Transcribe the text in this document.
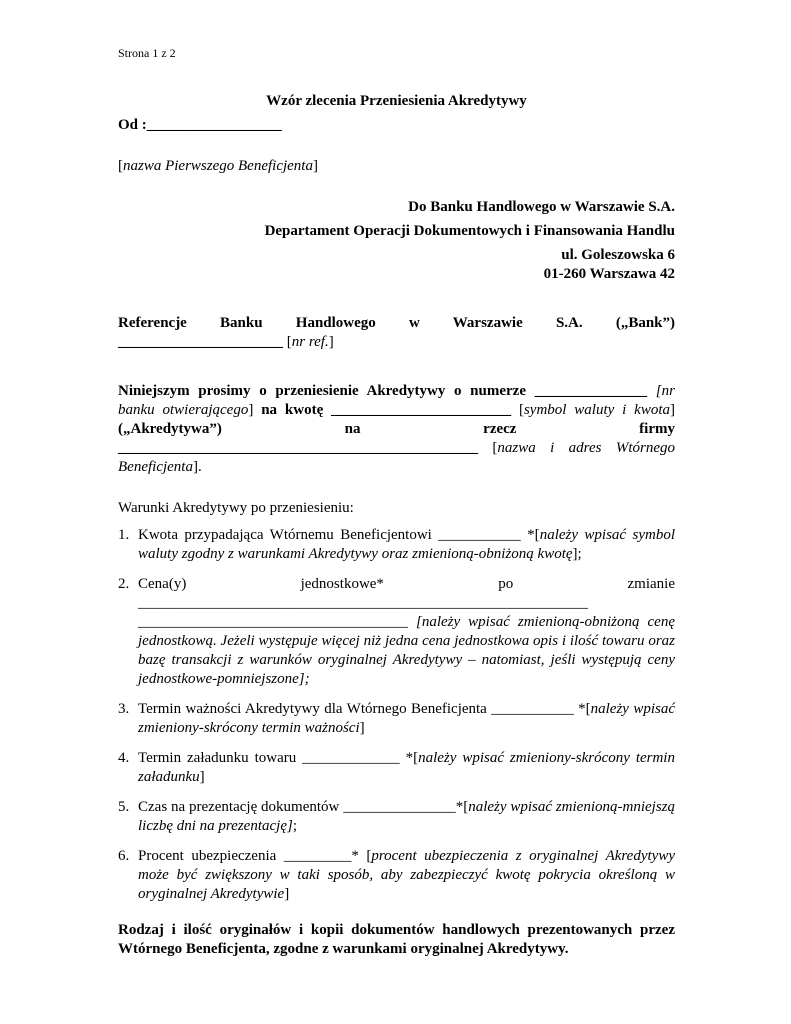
Strona 1 z 2
Wzór zlecenia Przeniesienia Akredytywy
Od :__________________
[nazwa Pierwszego Beneficjenta]
Do Banku Handlowego w Warszawie S.A.
Departament Operacji Dokumentowych i Finansowania Handlu
ul. Goleszowska 6
01-260 Warszawa 42
Referencje Banku Handlowego w Warszawie S.A. („Bank”)
______________________ [nr ref.]
Niniejszym prosimy o przeniesienie Akredytywy o numerze _______________ [nr
banku otwierającego] na kwotę ________________________ [symbol waluty i kwota]
(„Akredytywa”) na rzecz firmy
________________________________________________ [nazwa i adres Wtórnego
Beneficjenta].
Warunki Akredytywy po przeniesieniu:
1. Kwota przypadająca Wtórnemu Beneficjentowi ___________ *[należy wpisać symbol waluty zgodny z warunkami Akredytywy oraz zmienioną-obniżoną kwotę];
2. Cena(y) jednostkowe* po zmianie
____________________________________________________________
____________________________________ [należy wpisać zmienioną-obniżoną cenę jednostkową. Jeżeli występuje więcej niż jedna cena jednostkowa opis i ilość towaru oraz bazę transakcji z warunków oryginalnej Akredytywy – natomiast, jeśli występują ceny jednostkowe-pomniejszone];
3. Termin ważności Akredytywy dla Wtórnego Beneficjenta ___________ *[należy wpisać zmieniony-skrócony termin ważności]
4. Termin załadunku towaru _____________ *[należy wpisać zmieniony-skrócony termin załadunku]
5. Czas na prezentację dokumentów _______________*[należy wpisać zmienioną-mniejszą liczbę dni na prezentację];
6. Procent ubezpieczenia _________* [procent ubezpieczenia z oryginalnej Akredytywy może być zwiększony w taki sposób, aby zabezpieczyć kwotę pokrycia określoną w oryginalnej Akredytywie]
Rodzaj i ilość oryginałów i kopii dokumentów handlowych prezentowanych przez Wtórnego Beneficjenta, zgodne z warunkami oryginalnej Akredytywy.
